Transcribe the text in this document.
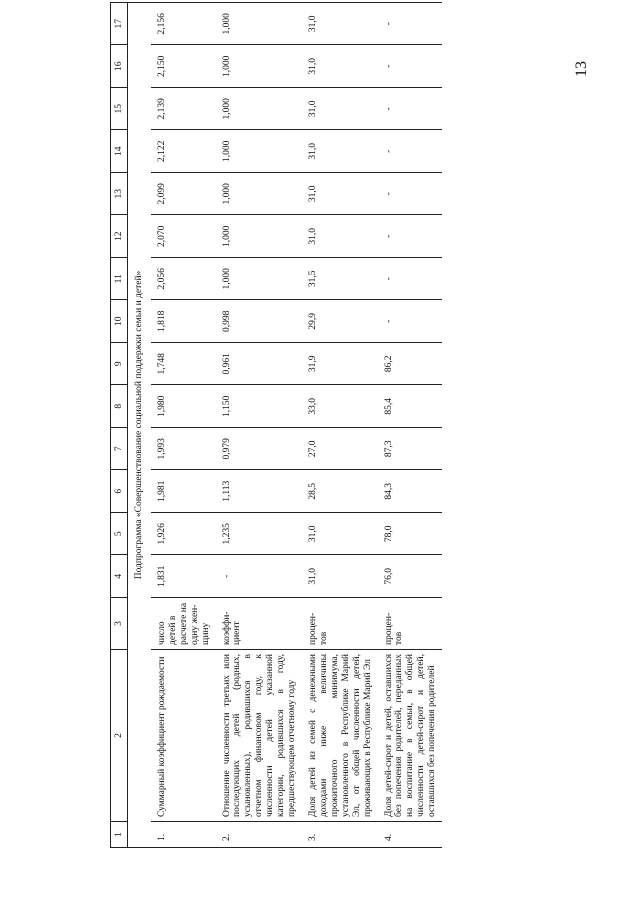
13
1	2	3	4	5	6	7	8	9	10	11	12	13	14	15	16	17
Подпрограмма «Совершенствование социальной поддержки семьи и детей»																
1.	Суммарный коэффициент рождаемости	число детей в расчете на одну жен-щину	1,831	1,926	1,981	1,993	1,980	1,748	1,818	2,056	2,070	2,099	2,122	2,139	2,150	2,156
2.	Отношение численности третьих или последующих детей (родных, усыновленных), родившихся в отчетном финансовом году, к численности детей указанной категории, родившихся в году, предшествующем отчетному году	коэффи-циент	-	1,235	1,113	0,979	1,150	0,961	0,998	1,000	1,000	1,000	1,000	1,000	1,000	1,000
3.	Доля детей из семей с денежными доходами ниже величины прожиточного минимума, установленного в Республике Марий Эл, от общей численности детей, проживающих в Республике Марий Эл	процен-тов	31,0	31,0	28,5	27,0	33,0	31,9	29,9	31,5	31,0	31,0	31,0	31,0	31,0	31,0
4.	Доля детей-сирот и детей, оставшихся без попечения родителей, переданных на воспитание в семьи, в общей численности детей-сирот и детей, оставшихся без попечения родителей	процен-тов	76,0	78,0	84,3	87,3	85,4	86,2	-	-	-	-	-	-	-	-
